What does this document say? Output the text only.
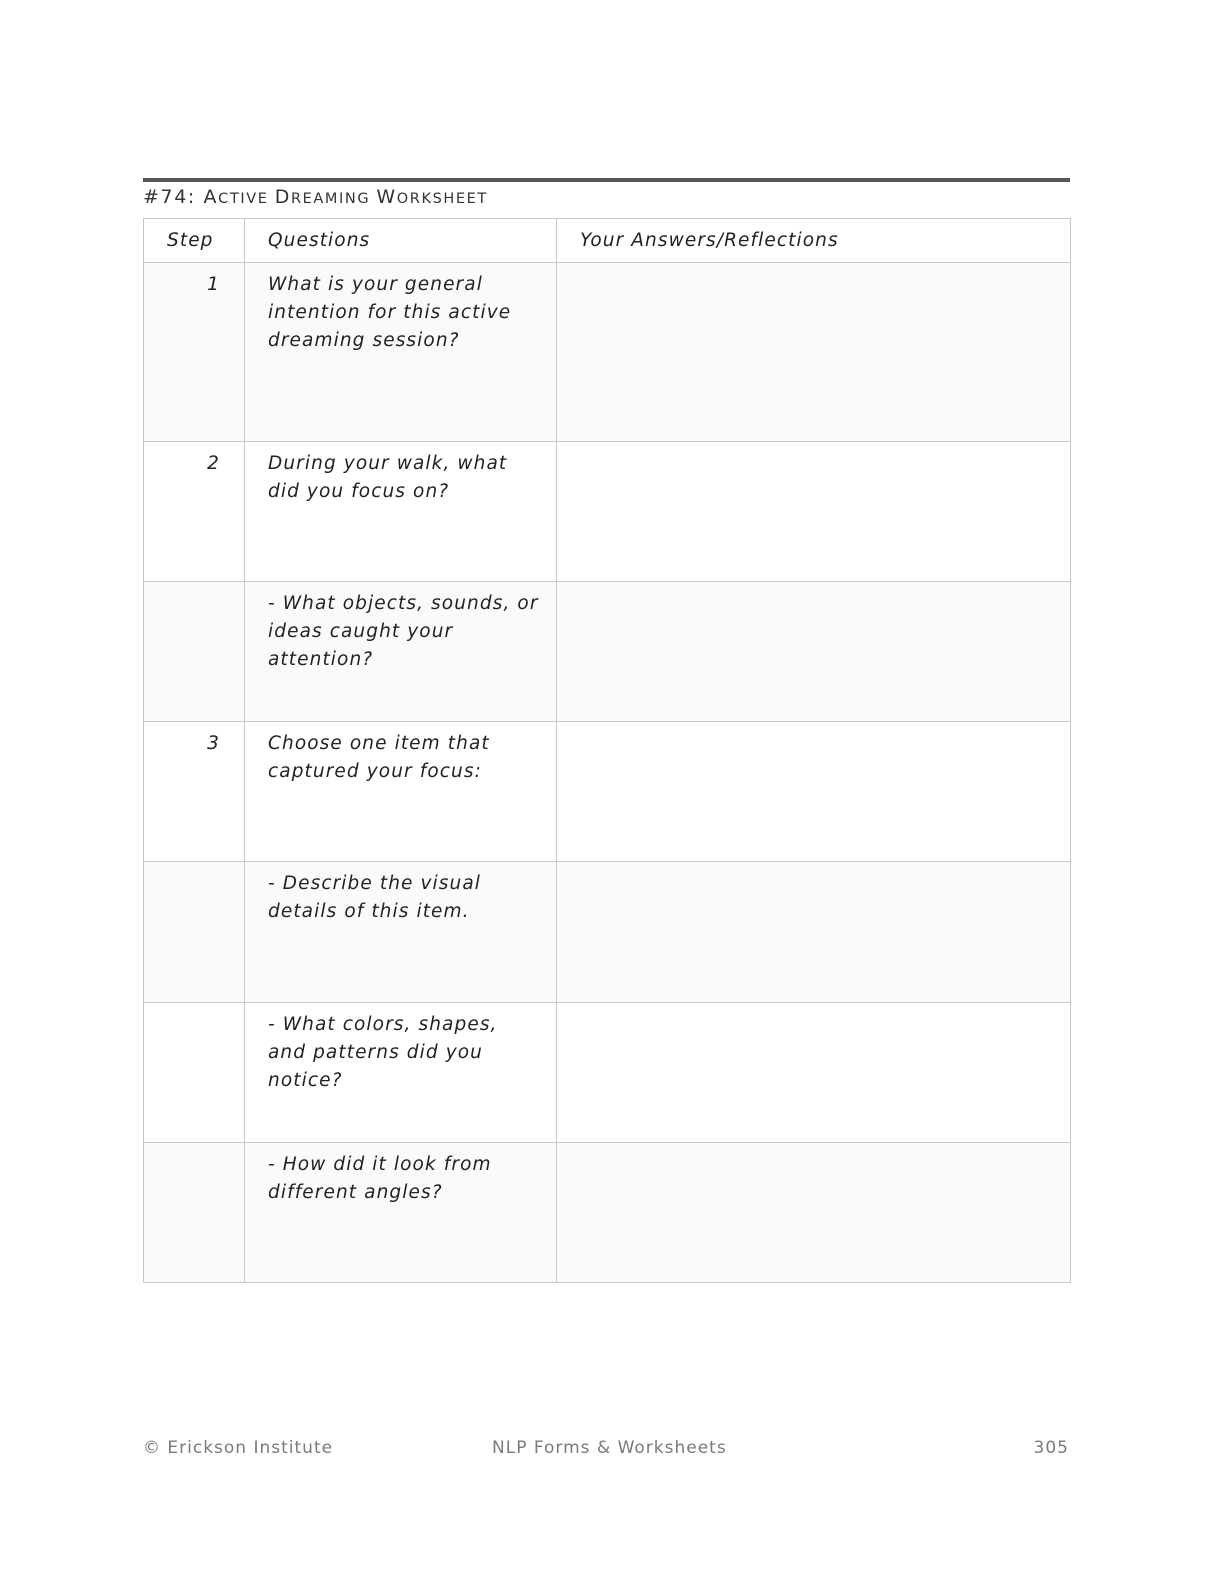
#74: ACTIVE DREAMING WORKSHEET
Step	Questions	Your Answers/Reflections
1	What is your general intention for this active dreaming session?	
2	During your walk, what did you focus on?	
	- What objects, sounds, or ideas caught your attention?	
3	Choose one item that captured your focus:	
	- Describe the visual details of this item.	
	- What colors, shapes, and patterns did you notice?	
	- How did it look from different angles?	
© Erickson Institute	NLP Forms & Worksheets	305
